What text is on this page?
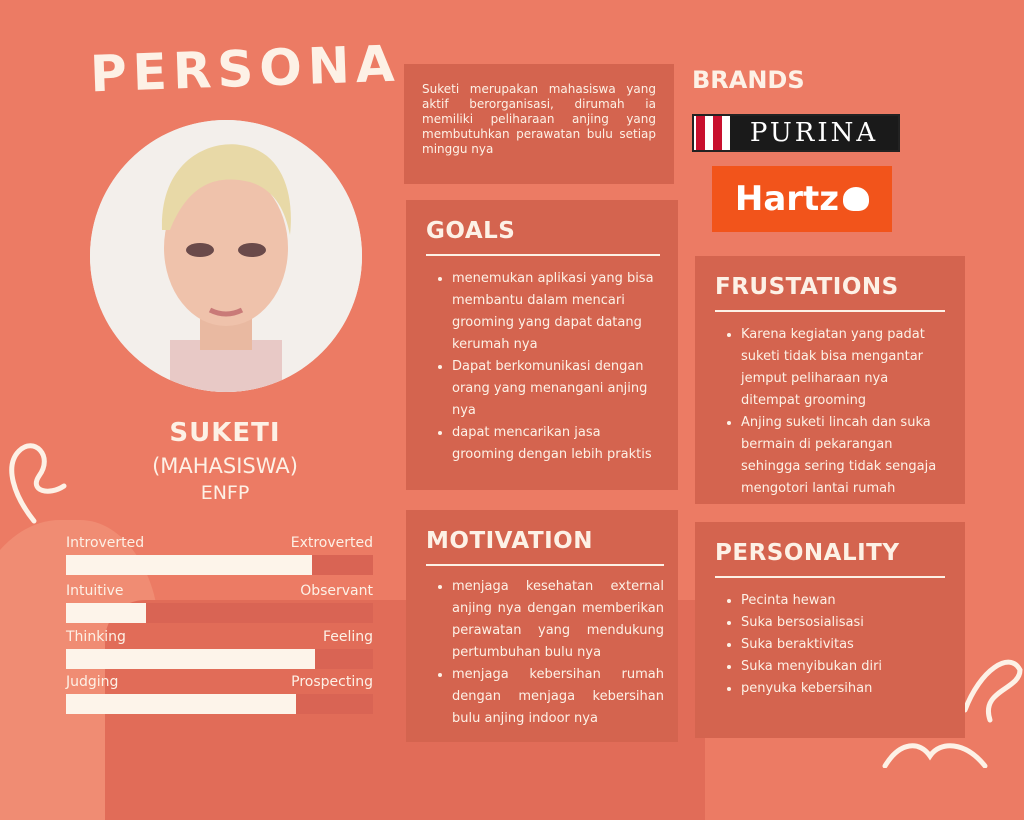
PERSONA
SUKETI
(MAHASISWA)
ENFP
Introverted	Extroverted
Intuitive	Observant
Thinking	Feeling
Judging	Prospecting

Suketi merupakan mahasiswa yang aktif berorganisasi, dirumah ia memiliki peliharaan anjing yang membutuhkan perawatan bulu setiap minggu nya

BRANDS
PURINA
Hartz
GOALS
• menemukan aplikasi yang bisa membantu dalam mencari grooming yang dapat datang kerumah nya
• Dapat berkomunikasi dengan orang yang menangani anjing nya
• dapat mencarikan jasa grooming dengan lebih praktis
FRUSTATIONS
• Karena kegiatan yang padat suketi tidak bisa mengantar jemput peliharaan nya ditempat grooming
• Anjing suketi lincah dan suka bermain di pekarangan sehingga sering tidak sengaja mengotori lantai rumah
MOTIVATION
• menjaga kesehatan external anjing nya dengan memberikan perawatan yang mendukung pertumbuhan bulu nya
• menjaga kebersihan rumah dengan menjaga kebersihan bulu anjing indoor nya
PERSONALITY
• Pecinta hewan
• Suka bersosialisasi
• Suka beraktivitas
• Suka menyibukan diri
• penyuka kebersihan
